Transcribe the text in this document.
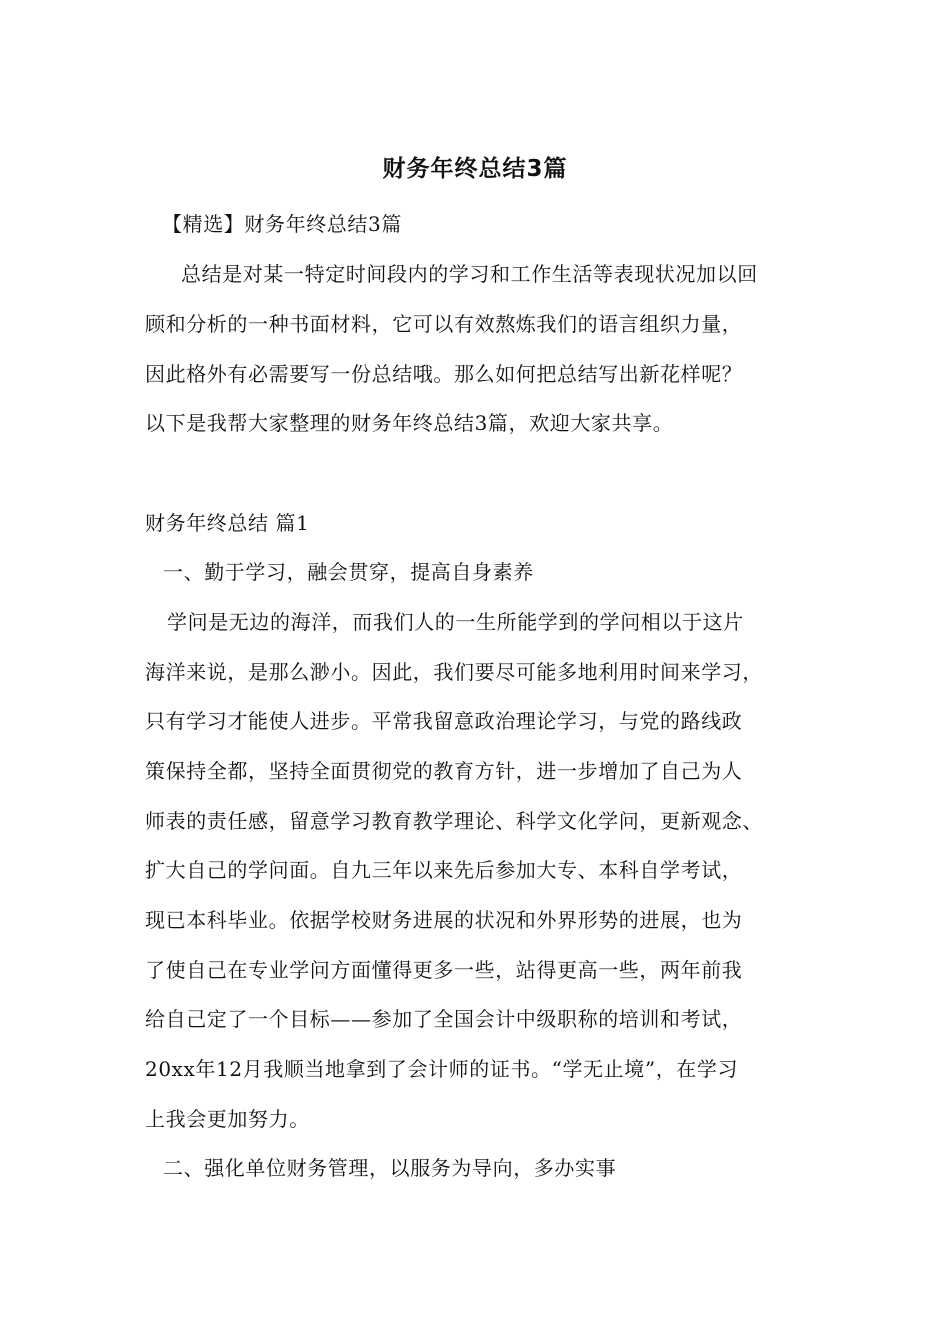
财务年终总结3篇
【精选】财务年终总结3篇
总结是对某一特定时间段内的学习和工作生活等表现状况加以回
顾和分析的一种书面材料，它可以有效熬炼我们的语言组织力量，
因此格外有必需要写一份总结哦。那么如何把总结写出新花样呢？
以下是我帮大家整理的财务年终总结3篇，欢迎大家共享。
财务年终总结 篇1
一、勤于学习，融会贯穿，提高自身素养
学问是无边的海洋，而我们人的一生所能学到的学问相以于这片
海洋来说，是那么渺小。因此，我们要尽可能多地利用时间来学习，
只有学习才能使人进步。平常我留意政治理论学习，与党的路线政
策保持全都，坚持全面贯彻党的教育方针，进一步增加了自己为人
师表的责任感，留意学习教育教学理论、科学文化学问，更新观念、
扩大自己的学问面。自九三年以来先后参加大专、本科自学考试，
现已本科毕业。依据学校财务进展的状况和外界形势的进展，也为
了使自己在专业学问方面懂得更多一些，站得更高一些，两年前我
给自己定了一个目标——参加了全国会计中级职称的培训和考试，
20xx年12月我顺当地拿到了会计师的证书。“学无止境”，在学习
上我会更加努力。
二、强化单位财务管理，以服务为导向，多办实事
